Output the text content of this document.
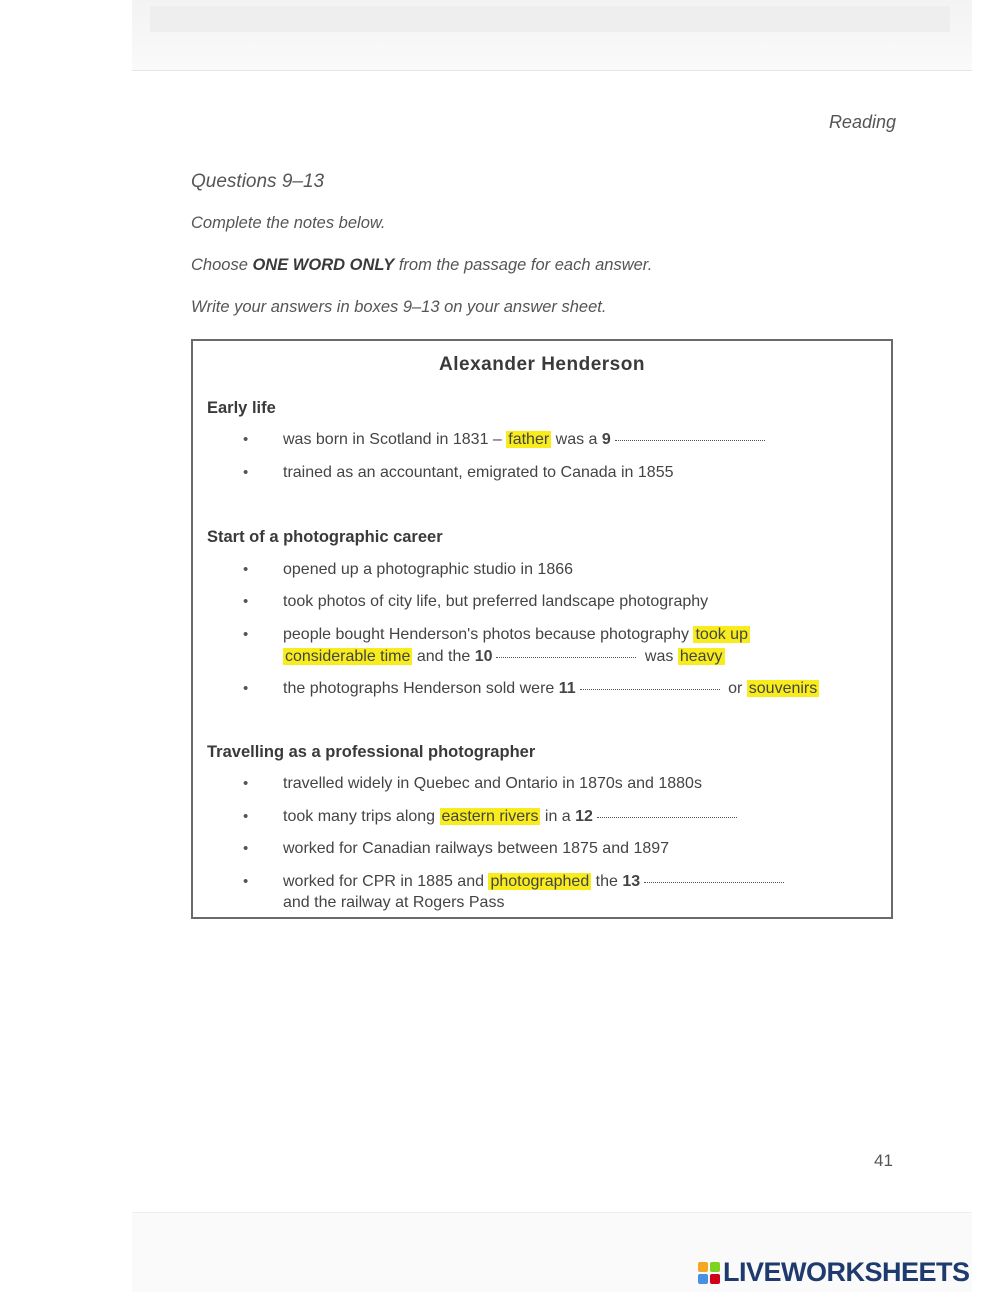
Reading
Questions 9–13
Complete the notes below.
Choose ONE WORD ONLY from the passage for each answer.
Write your answers in boxes 9–13 on your answer sheet.
Alexander Henderson
Early life
• was born in Scotland in 1831 – father was a 9
• trained as an accountant, emigrated to Canada in 1855
Start of a photographic career
• opened up a photographic studio in 1866
• took photos of city life, but preferred landscape photography
• people bought Henderson's photos because photography took up
considerable time and the 10	was heavy
• the photographs Henderson sold were 11	or souvenirs
Travelling as a professional photographer
• travelled widely in Quebec and Ontario in 1870s and 1880s
• took many trips along eastern rivers in a 12
• worked for Canadian railways between 1875 and 1897
• worked for CPR in 1885 and photographed the 13
and the railway at Rogers Pass
41
LIVEWORKSHEETS
